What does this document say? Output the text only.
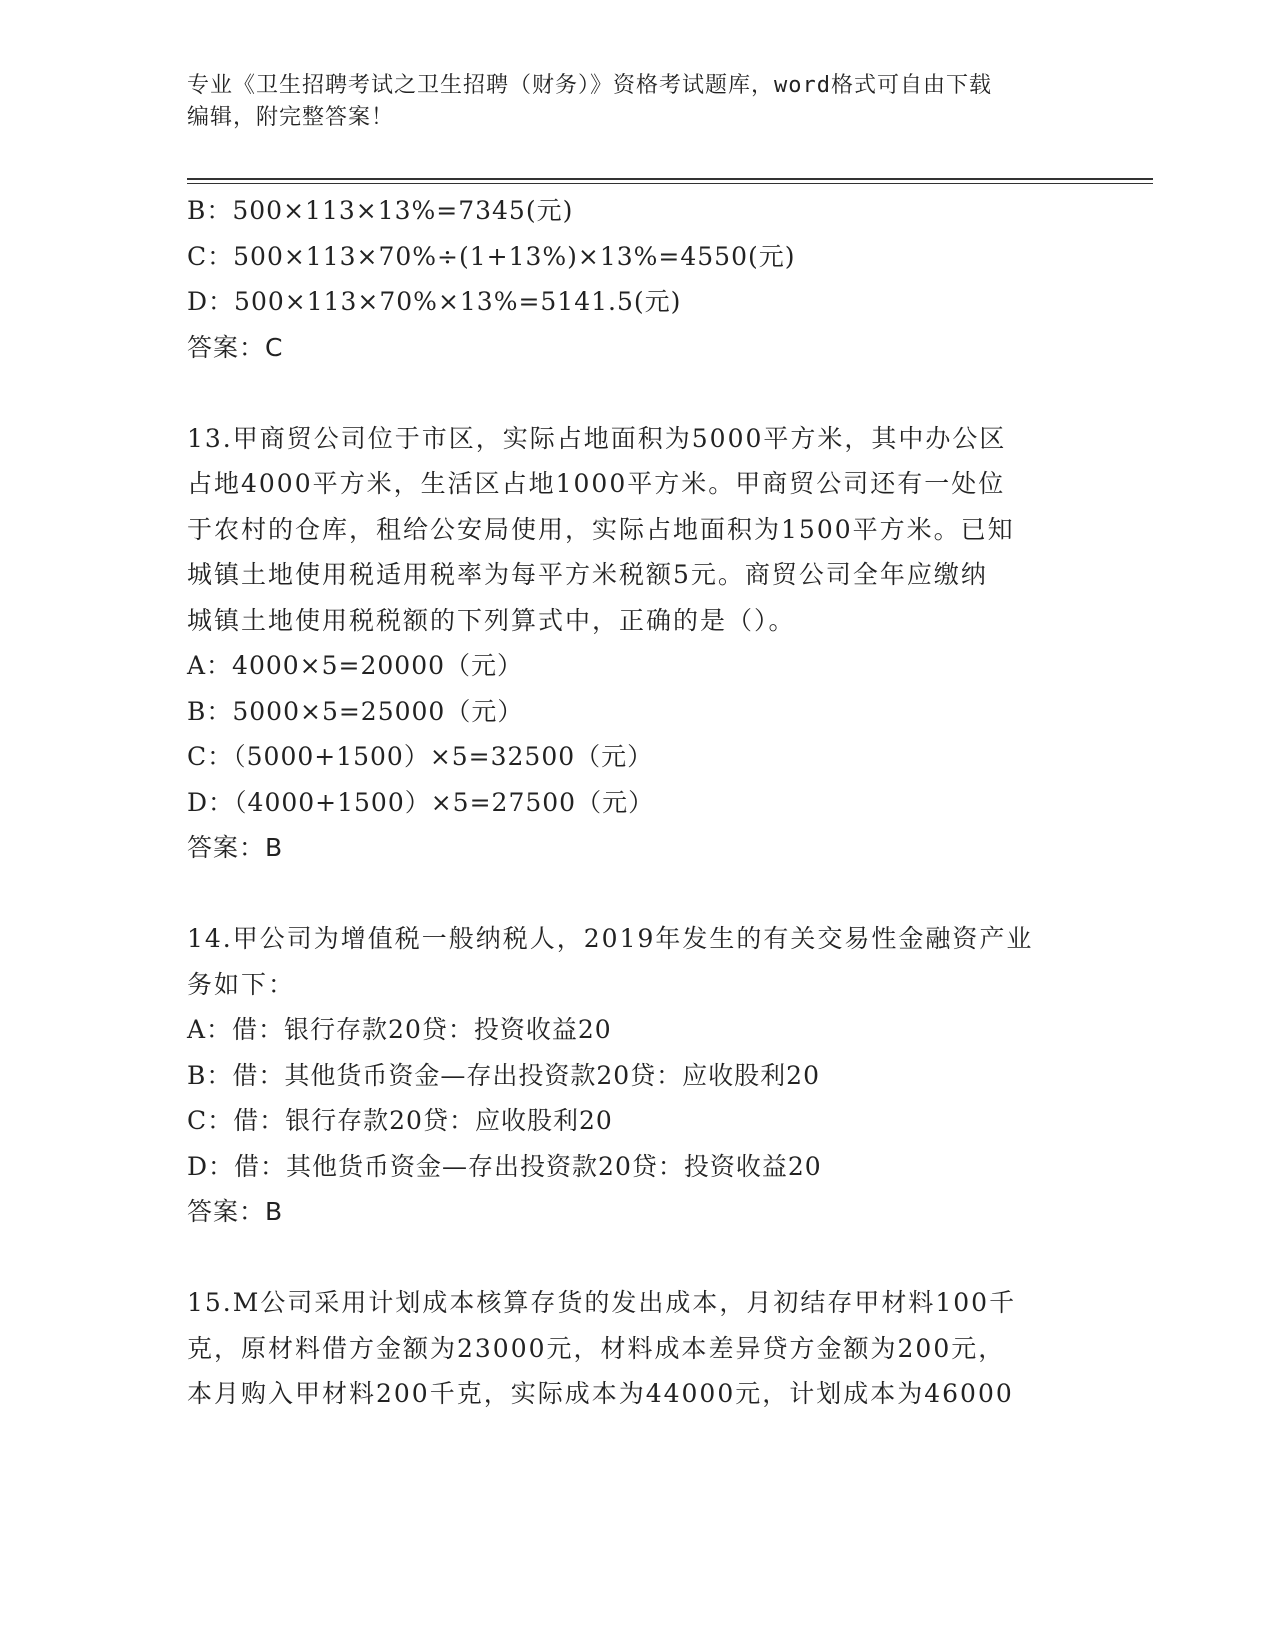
专业《卫生招聘考试之卫生招聘（财务）》资格考试题库，word格式可自由下载
编辑，附完整答案！
B：500×113×13%=7345(元)
C：500×113×70%÷(1+13%)×13%=4550(元)
D：500×113×70%×13%=5141.5(元)
答案：C
13.甲商贸公司位于市区，实际占地面积为5000平方米，其中办公区
占地4000平方米，生活区占地1000平方米。甲商贸公司还有一处位
于农村的仓库，租给公安局使用，实际占地面积为1500平方米。已知
城镇土地使用税适用税率为每平方米税额5元。商贸公司全年应缴纳
城镇土地使用税税额的下列算式中，正确的是（）。
A：4000×5=20000（元）
B：5000×5=25000（元）
C：（5000+1500）×5=32500（元）
D：（4000+1500）×5=27500（元）
答案：B
14.甲公司为增值税一般纳税人，2019年发生的有关交易性金融资产业
务如下：
A：借：银行存款20贷：投资收益20
B：借：其他货币资金—存出投资款20贷：应收股利20
C：借：银行存款20贷：应收股利20
D：借：其他货币资金—存出投资款20贷：投资收益20
答案：B
15.M公司采用计划成本核算存货的发出成本，月初结存甲材料100千
克，原材料借方金额为23000元，材料成本差异贷方金额为200元，
本月购入甲材料200千克，实际成本为44000元，计划成本为46000
